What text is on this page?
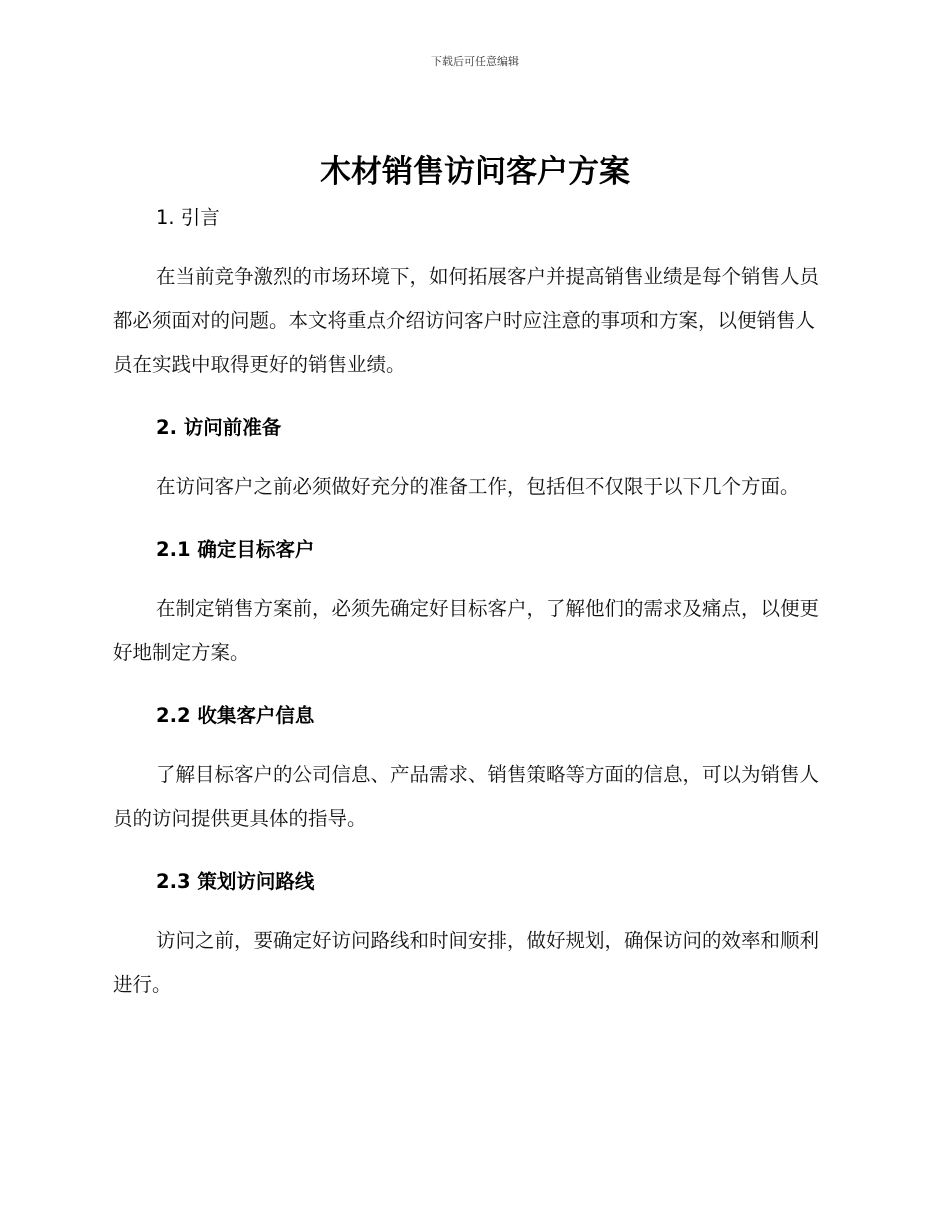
下载后可任意编辑
木材销售访问客户方案
1. 引言

在当前竞争激烈的市场环境下，如何拓展客户并提高销售业绩是每个销售人员都必须面对的问题。本文将重点介绍访问客户时应注意的事项和方案，以便销售人员在实践中取得更好的销售业绩。

2. 访问前准备

在访问客户之前必须做好充分的准备工作，包括但不仅限于以下几个方面。

2.1 确定目标客户

在制定销售方案前，必须先确定好目标客户，了解他们的需求及痛点，以便更好地制定方案。

2.2 收集客户信息

了解目标客户的公司信息、产品需求、销售策略等方面的信息，可以为销售人员的访问提供更具体的指导。

2.3 策划访问路线

访问之前，要确定好访问路线和时间安排，做好规划，确保访问的效率和顺利进行。
